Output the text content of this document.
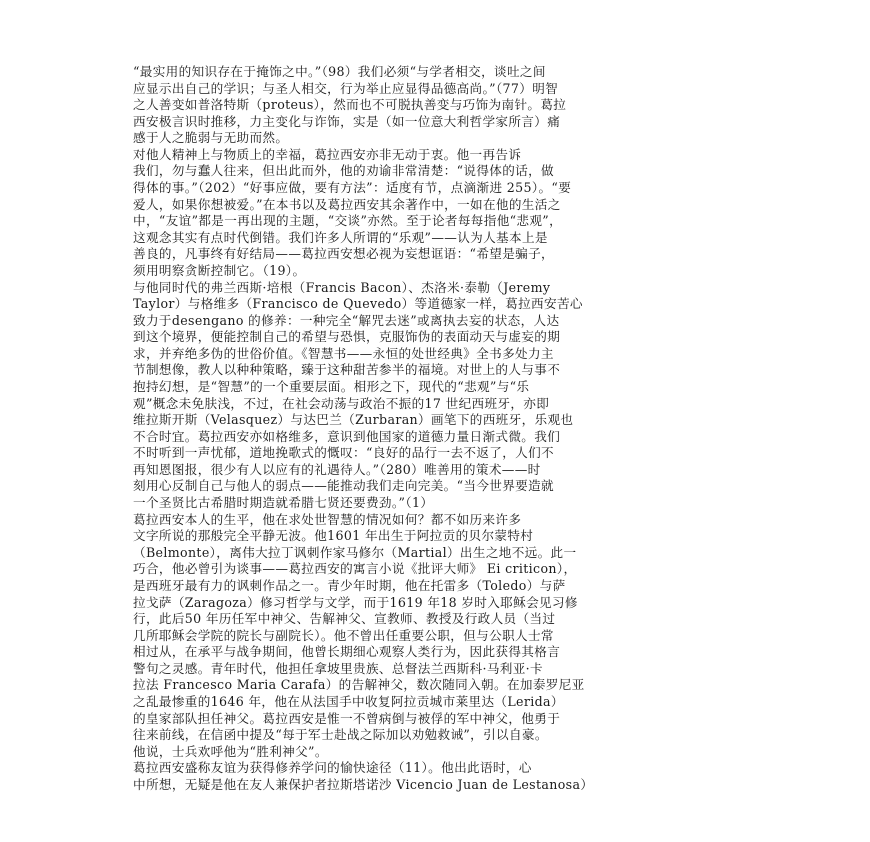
“最实用的知识存在于掩饰之中。”（98）我们必须“与学者相交，谈吐之间
应显示出自己的学识；与圣人相交，行为举止应显得品德高尚。”（77）明智
之人善变如普洛特斯（proteus），然而也不可脱执善变与巧饰为南针。葛拉
西安极言识时推移，力主变化与诈饰，实是（如一位意大利哲学家所言）痛
感于人之脆弱与无助而然。
对他人精神上与物质上的幸福，葛拉西安亦非无动于衷。他一再告诉
我们，勿与蠢人往来，但出此而外，他的劝谕非常清楚：“说得体的话，做
得体的事。”（202）“好事应做，要有方法”：适度有节，点滴渐进 255）。“要
爱人，如果你想被爱。”在本书以及葛拉西安其余著作中，一如在他的生活之
中，“友谊”都是一再出现的主题，“交谈”亦然。至于论者每每指他“悲观”，
这观念其实有点时代倒错。我们许多人所谓的“乐观”——认为人基本上是
善良的，凡事终有好结局——葛拉西安想必视为妄想诓语：“希望是骗子，
须用明察贪断控制它。（19）。
与他同时代的弗兰西斯·培根（Francis Bacon）、杰洛米·泰勒（Jeremy
Taylor）与格维多（Francisco de Quevedo）等道德家一样，葛拉西安苦心
致力于desengano 的修养：一种完全“解咒去迷”或离执去妄的状态，人达
到这个境界，便能控制自己的希望与恐惧，克服饰伪的表面动天与虚妄的期
求，并弃绝多伪的世俗价值。《智慧书——永恒的处世经典》全书多处力主
节制想像，教人以种种策略，臻于这种甜苦参半的福境。对世上的人与事不
抱持幻想，是“智慧”的一个重要层面。相形之下，现代的“悲观”与“乐
观”概念未免肤浅，不过，在社会动荡与政治不振的17 世纪西班牙，亦即
维拉斯开斯（Velasquez）与达巴兰（Zurbaran）画笔下的西班牙，乐观也
不合时宜。葛拉西安亦如格维多，意识到他国家的道德力量日渐式微。我们
不时听到一声忧郁，道地挽歌式的慨叹：“良好的品行一去不返了，人们不
再知恩图报，很少有人以应有的礼遇待人。”（280）唯善用的策术——时
刻用心反制自己与他人的弱点——能推动我们走向完美。“当今世界要造就
一个圣贤比古希腊时期造就希腊七贤还要费劲。”（1）
葛拉西安本人的生平，他在求处世智慧的情况如何？都不如历来许多
文字所说的那般完全平静无波。他1601 年出生于阿拉贡的贝尔蒙特村
（Belmonte），离伟大拉丁讽刺作家马修尔（Martial）出生之地不远。此一
巧合，他必曾引为谈事——葛拉西安的寓言小说《批评大师》 Ei criticon），
是西班牙最有力的讽刺作品之一。青少年时期，他在托雷多（Toledo）与萨
拉戈萨（Zaragoza）修习哲学与文学，而于1619 年18 岁时入耶稣会见习修
行，此后50 年历任军中神父、告解神父、宣教师、教授及行政人员（当过
几所耶稣会学院的院长与副院长）。他不曾出任重要公职，但与公职人士常
相过从，在承平与战争期间，他曾长期细心观察人类行为，因此获得其格言
警句之灵感。青年时代，他担任拿坡里贵族、总督法兰西斯科·马利亚·卡
拉法 Francesco Maria Carafa）的告解神父，数次随同入朝。在加泰罗尼亚
之乱最惨重的1646 年，他在从法国手中收复阿拉贡城市莱里达（Lerida）
的皇家部队担任神父。葛拉西安是惟一不曾病倒与被俘的军中神父，他勇于
往来前线，在信函中提及“每于军士赴战之际加以劝勉救诫”，引以自豪。
他说，士兵欢呼他为“胜利神父”。
葛拉西安盛称友谊为获得修养学问的愉快途径（11）。他出此语时，心
中所想，无疑是他在友人兼保护者拉斯塔诺沙 Vicencio Juan de Lestanosa）
